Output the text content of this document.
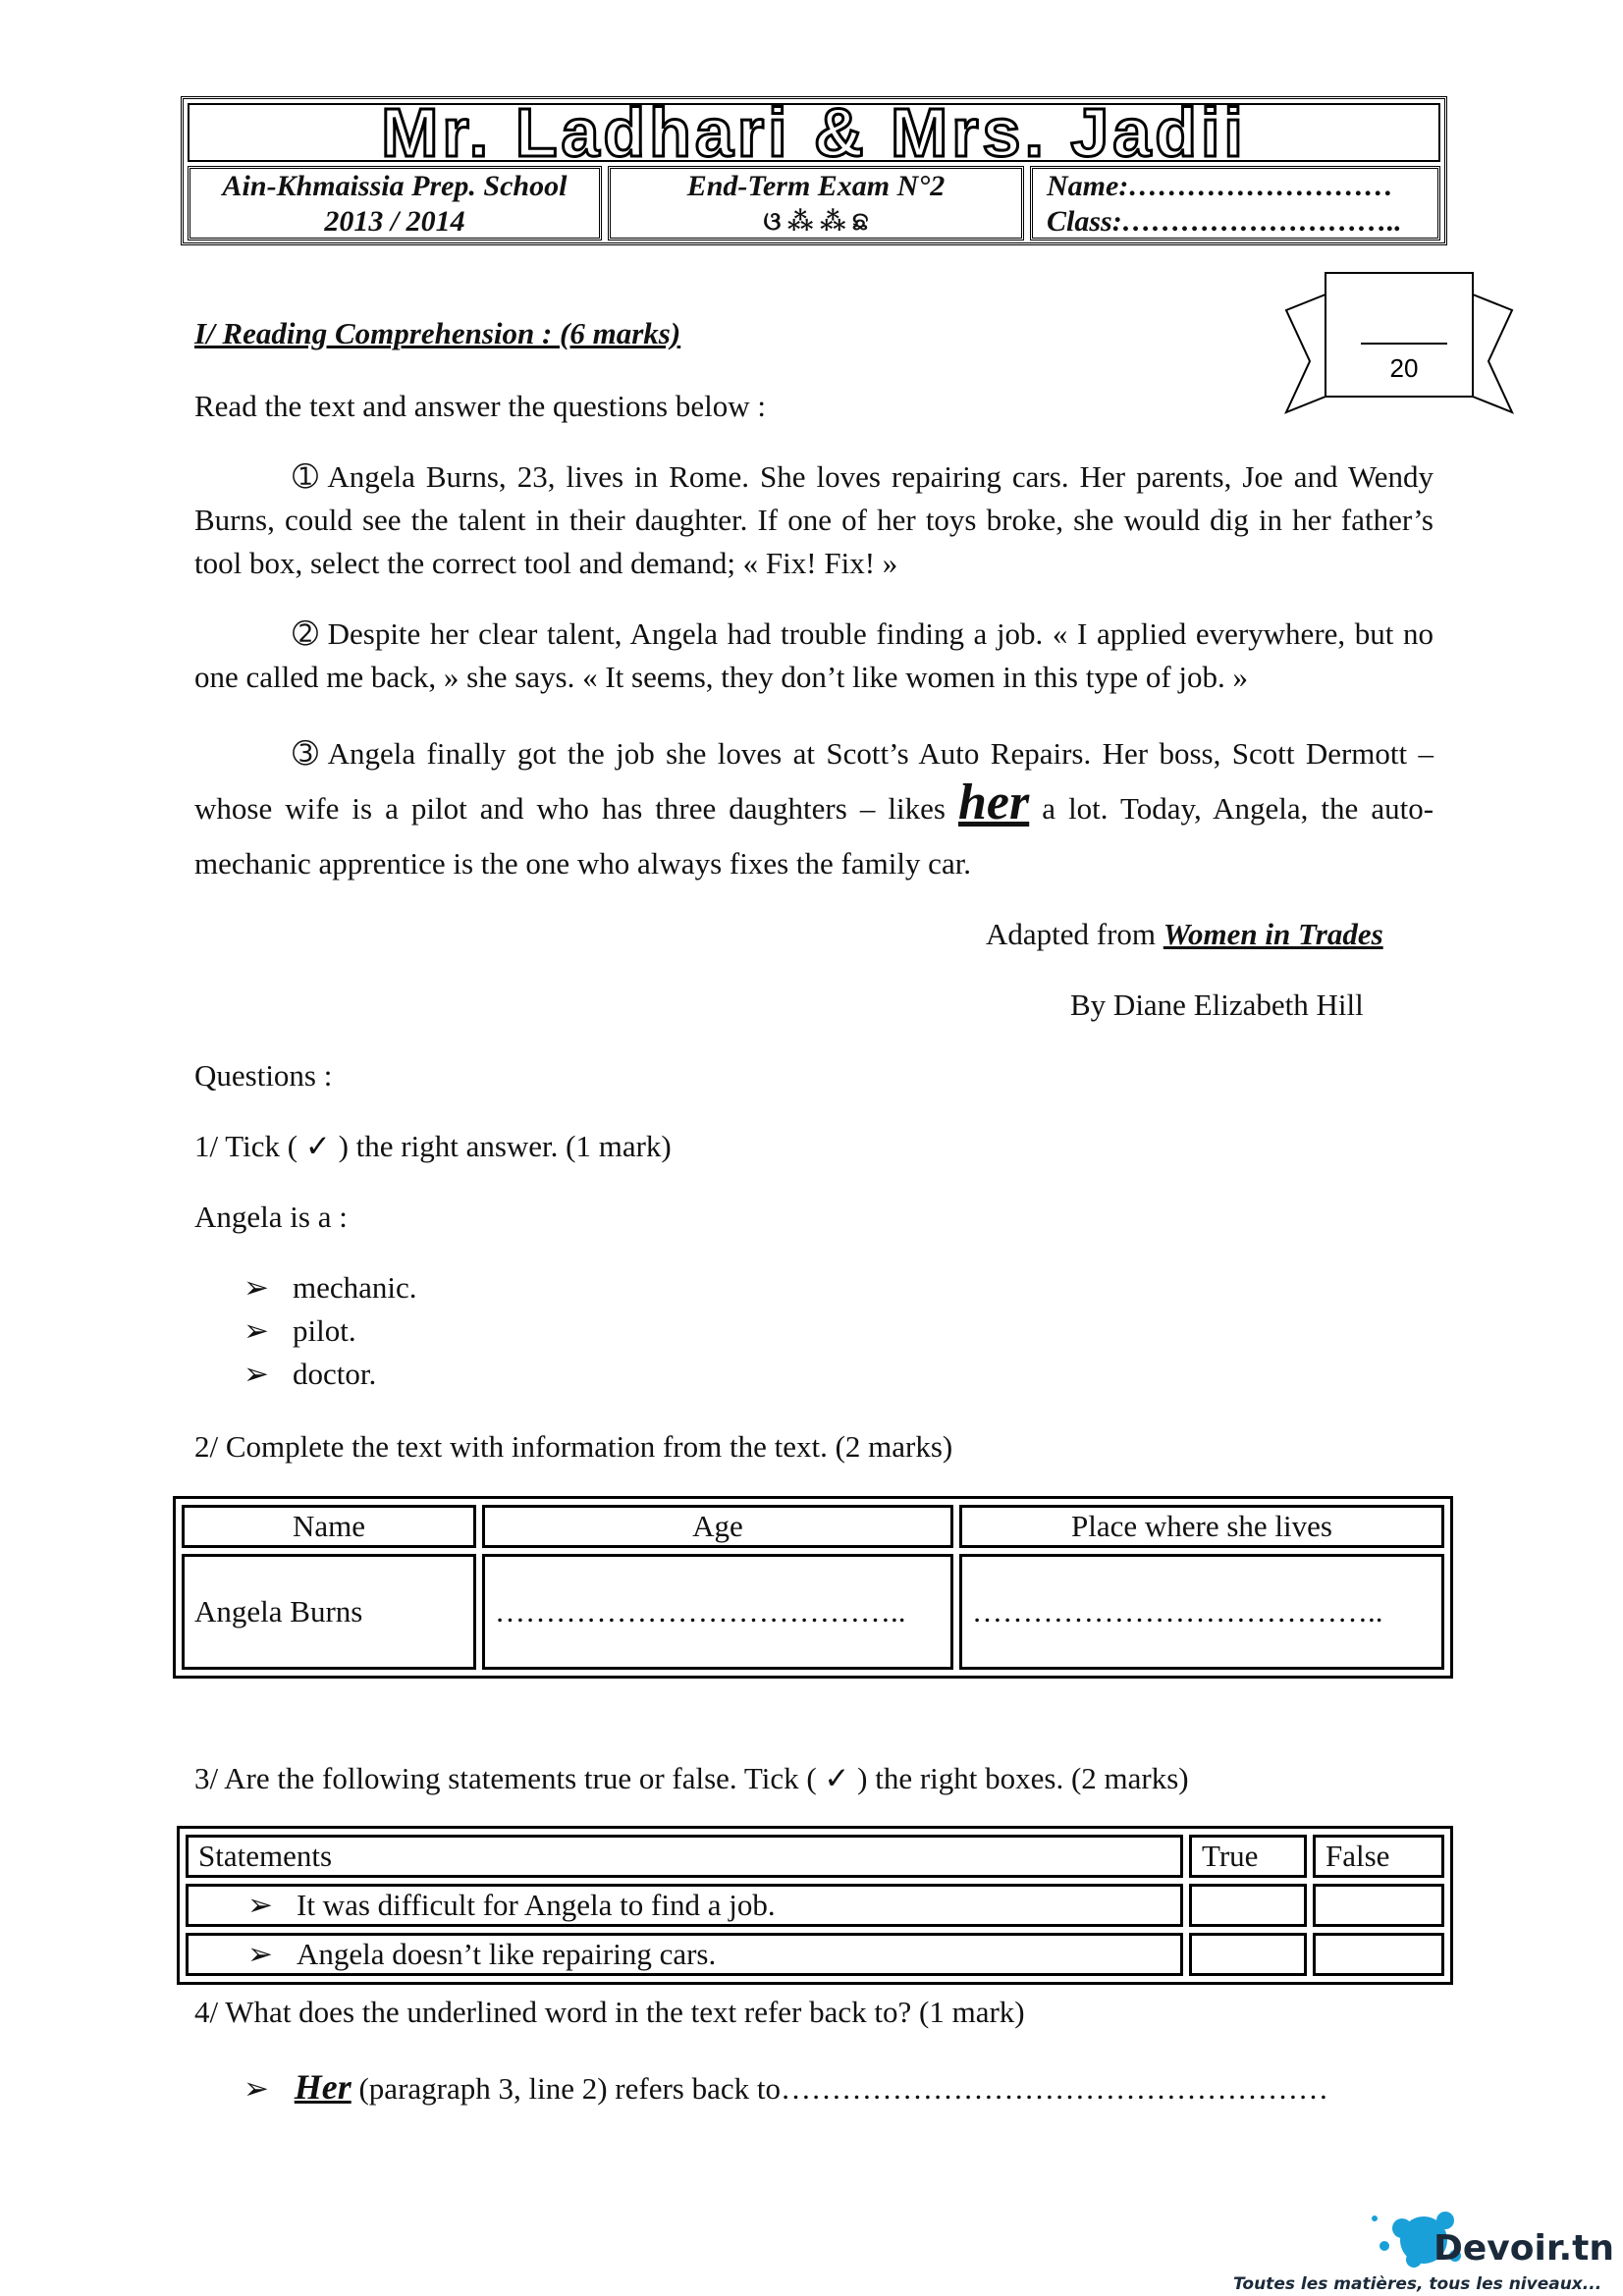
Mr. Ladhari & Mrs. Jadii
Ain-Khmaissia Prep. School
2013 / 2014
End-Term Exam N°2
ଓ ⁂ ⁂ ଛ
Name:………………………
Class:………………………..
20
I/ Reading Comprehension : (6 marks)
Read the text and answer the questions below :
➀ Angela Burns, 23, lives in Rome. She loves repairing cars. Her parents, Joe and Wendy Burns, could see the talent in their daughter. If one of her toys broke, she would dig in her father’s tool box, select the correct tool and demand; « Fix! Fix! »
➁ Despite her clear talent, Angela had trouble finding a job. « I applied everywhere, but no one called me back, » she says. « It seems, they don’t like women in this type of job. »
➂ Angela finally got the job she loves at Scott’s Auto Repairs. Her boss, Scott Dermott – whose wife is a pilot and who has three daughters – likes her a lot. Today, Angela, the auto-mechanic apprentice is the one who always fixes the family car.
Adapted from Women in Trades
By Diane Elizabeth Hill
Questions :
1/ Tick ( ✓ ) the right answer. (1 mark)
Angela is a :
➢ mechanic.
➢ pilot.
➢ doctor.
2/ Complete the text with information from the text. (2 marks)
Name	Age	Place where she lives
Angela Burns	…………………………………..	…………………………………..
3/ Are the following statements true or false. Tick ( ✓ ) the right boxes. (2 marks)
Statements	True	False

➢ It was difficult for Angela to find a job.		

➢ Angela doesn’t like repairing cars.		
4/ What does the underlined word in the text refer back to? (1 mark)
➢ Her (paragraph 3, line 2) refers back to………………………………………………
Devoir.tn
Toutes les matières, tous les niveaux...
